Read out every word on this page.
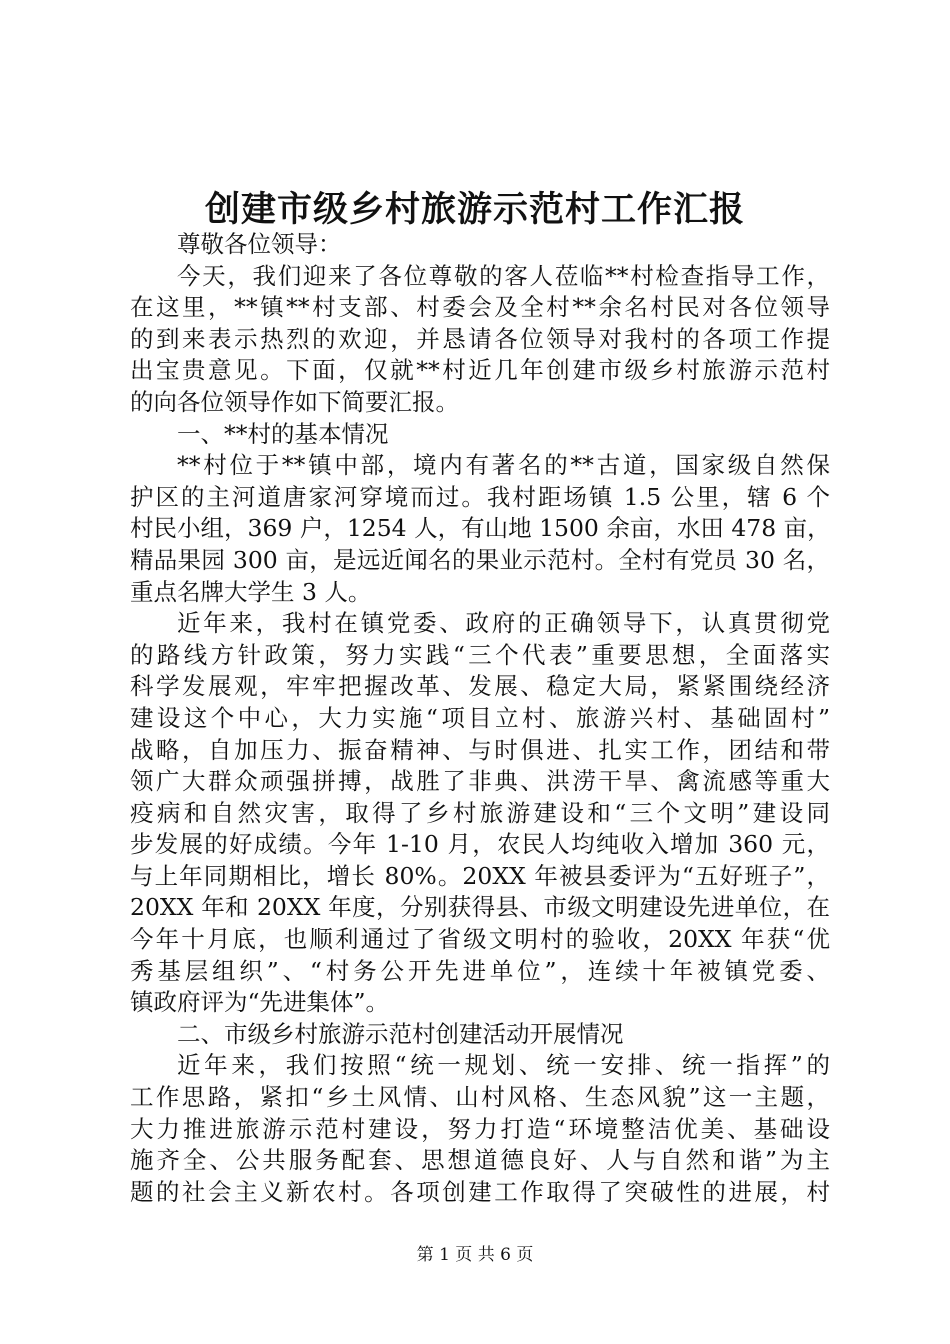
创建市级乡村旅游示范村工作汇报
尊敬各位领导：
今天，我们迎来了各位尊敬的客人莅临**村检查指导工作，
在这里，**镇**村支部、村委会及全村**余名村民对各位领导
的到来表示热烈的欢迎，并恳请各位领导对我村的各项工作提
出宝贵意见。下面，仅就**村近几年创建市级乡村旅游示范村
的向各位领导作如下简要汇报。
一、**村的基本情况
**村位于**镇中部，境内有著名的**古道，国家级自然保
护区的主河道唐家河穿境而过。我村距场镇 1.5 公里，辖 6 个
村民小组，369 户，1254 人，有山地 1500 余亩，水田 478 亩，
精品果园 300 亩，是远近闻名的果业示范村。全村有党员 30 名，
重点名牌大学生 3 人。
近年来，我村在镇党委、政府的正确领导下，认真贯彻党
的路线方针政策，努力实践“三个代表”重要思想，全面落实
科学发展观，牢牢把握改革、发展、稳定大局，紧紧围绕经济
建设这个中心，大力实施“项目立村、旅游兴村、基础固村”
战略，自加压力、振奋精神、与时俱进、扎实工作，团结和带
领广大群众顽强拼搏，战胜了非典、洪涝干旱、禽流感等重大
疫病和自然灾害，取得了乡村旅游建设和“三个文明”建设同
步发展的好成绩。今年 1-10 月，农民人均纯收入增加 360 元，
与上年同期相比，增长 80%。20XX 年被县委评为“五好班子”，
20XX 年和 20XX 年度，分别获得县、市级文明建设先进单位，在
今年十月底，也顺利通过了省级文明村的验收，20XX 年获“优
秀基层组织”、“村务公开先进单位”，连续十年被镇党委、
镇政府评为“先进集体”。
二、市级乡村旅游示范村创建活动开展情况
近年来，我们按照“统一规划、统一安排、统一指挥”的
工作思路，紧扣“乡土风情、山村风格、生态风貌”这一主题，
大力推进旅游示范村建设，努力打造“环境整洁优美、基础设
施齐全、公共服务配套、思想道德良好、人与自然和谐”为主
题的社会主义新农村。各项创建工作取得了突破性的进展，村
第 1 页 共 6 页
